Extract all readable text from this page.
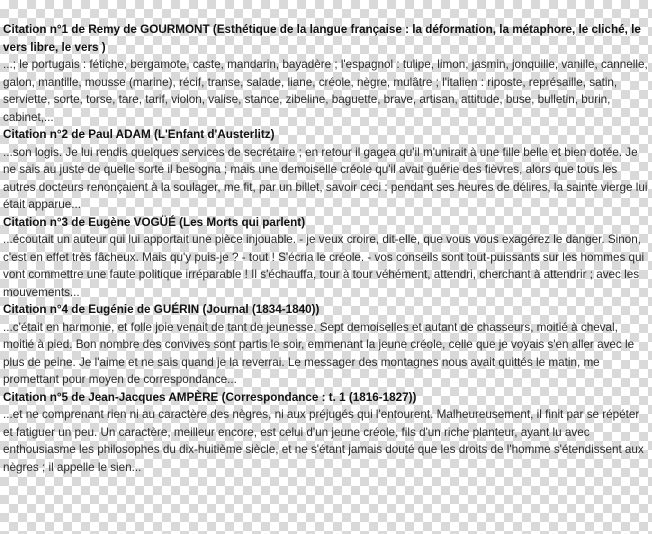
Citation n°1 de Remy de GOURMONT (Esthétique de la langue française : la déformation, la métaphore, le cliché, le vers libre, le vers )
...; le portugais : fétiche, bergamote, caste, mandarin, bayadère ; l'espagnol : tulipe, limon, jasmin, jonquille, vanille, cannelle, galon, mantille, mousse (marine), récif, transe, salade, liane, créole, nègre, mulâtre ; l'italien : riposte, représaille, satin, serviette, sorte, torse, tare, tarif, violon, valise, stance, zibeline, baguette, brave, artisan, attitude, buse, bulletin, burin, cabinet,...
Citation n°2 de Paul ADAM (L'Enfant d'Austerlitz)
...son logis. Je lui rendis quelques services de secrétaire ; en retour il gagea qu'il m'unirait à une fille belle et bien dotée. Je ne sais au juste de quelle sorte il besogna ; mais une demoiselle créole qu'il avait guérie des fièvres, alors que tous les autres docteurs renonçaient à la soulager, me fit, par un billet, savoir ceci : pendant ses heures de délires, la sainte vierge lui était apparue...
Citation n°3 de Eugène VOGÜÉ (Les Morts qui parlent)
...écoutait un auteur qui lui apportait une pièce injouable. - je veux croire, dit-elle, que vous vous exagérez le danger. Sinon, c'est en effet très fâcheux. Mais qu'y puis-je ? - tout ! S'écria le créole. - vos conseils sont tout-puissants sur les hommes qui vont commettre une faute politique irréparable ! Il s'échauffa, tour à tour véhément, attendri, cherchant à attendrir ; avec les mouvements...
Citation n°4 de Eugénie de GUÉRIN (Journal (1834-1840))
...c'était en harmonie, et folle joie venait de tant de jeunesse. Sept demoiselles et autant de chasseurs, moitié à cheval, moitié à pied. Bon nombre des convives sont partis le soir, emmenant la jeune créole, celle que je voyais s'en aller avec le plus de peine. Je l'aime et ne sais quand je la reverrai. Le messager des montagnes nous avait quittés le matin, me promettant pour moyen de correspondance...
Citation n°5 de Jean-Jacques AMPÈRE (Correspondance : t. 1 (1816-1827))
...et ne comprenant rien ni au caractère des nègres, ni aux préjugés qui l'entourent. Malheureusement, il finit par se répéter et fatiguer un peu. Un caractère, meilleur encore, est celui d'un jeune créole, fils d'un riche planteur, ayant lu avec enthousiasme les philosophes du dix-huitième siècle, et ne s'étant jamais douté que les droits de l'homme s'étendissent aux nègres ; il appelle le sien...
